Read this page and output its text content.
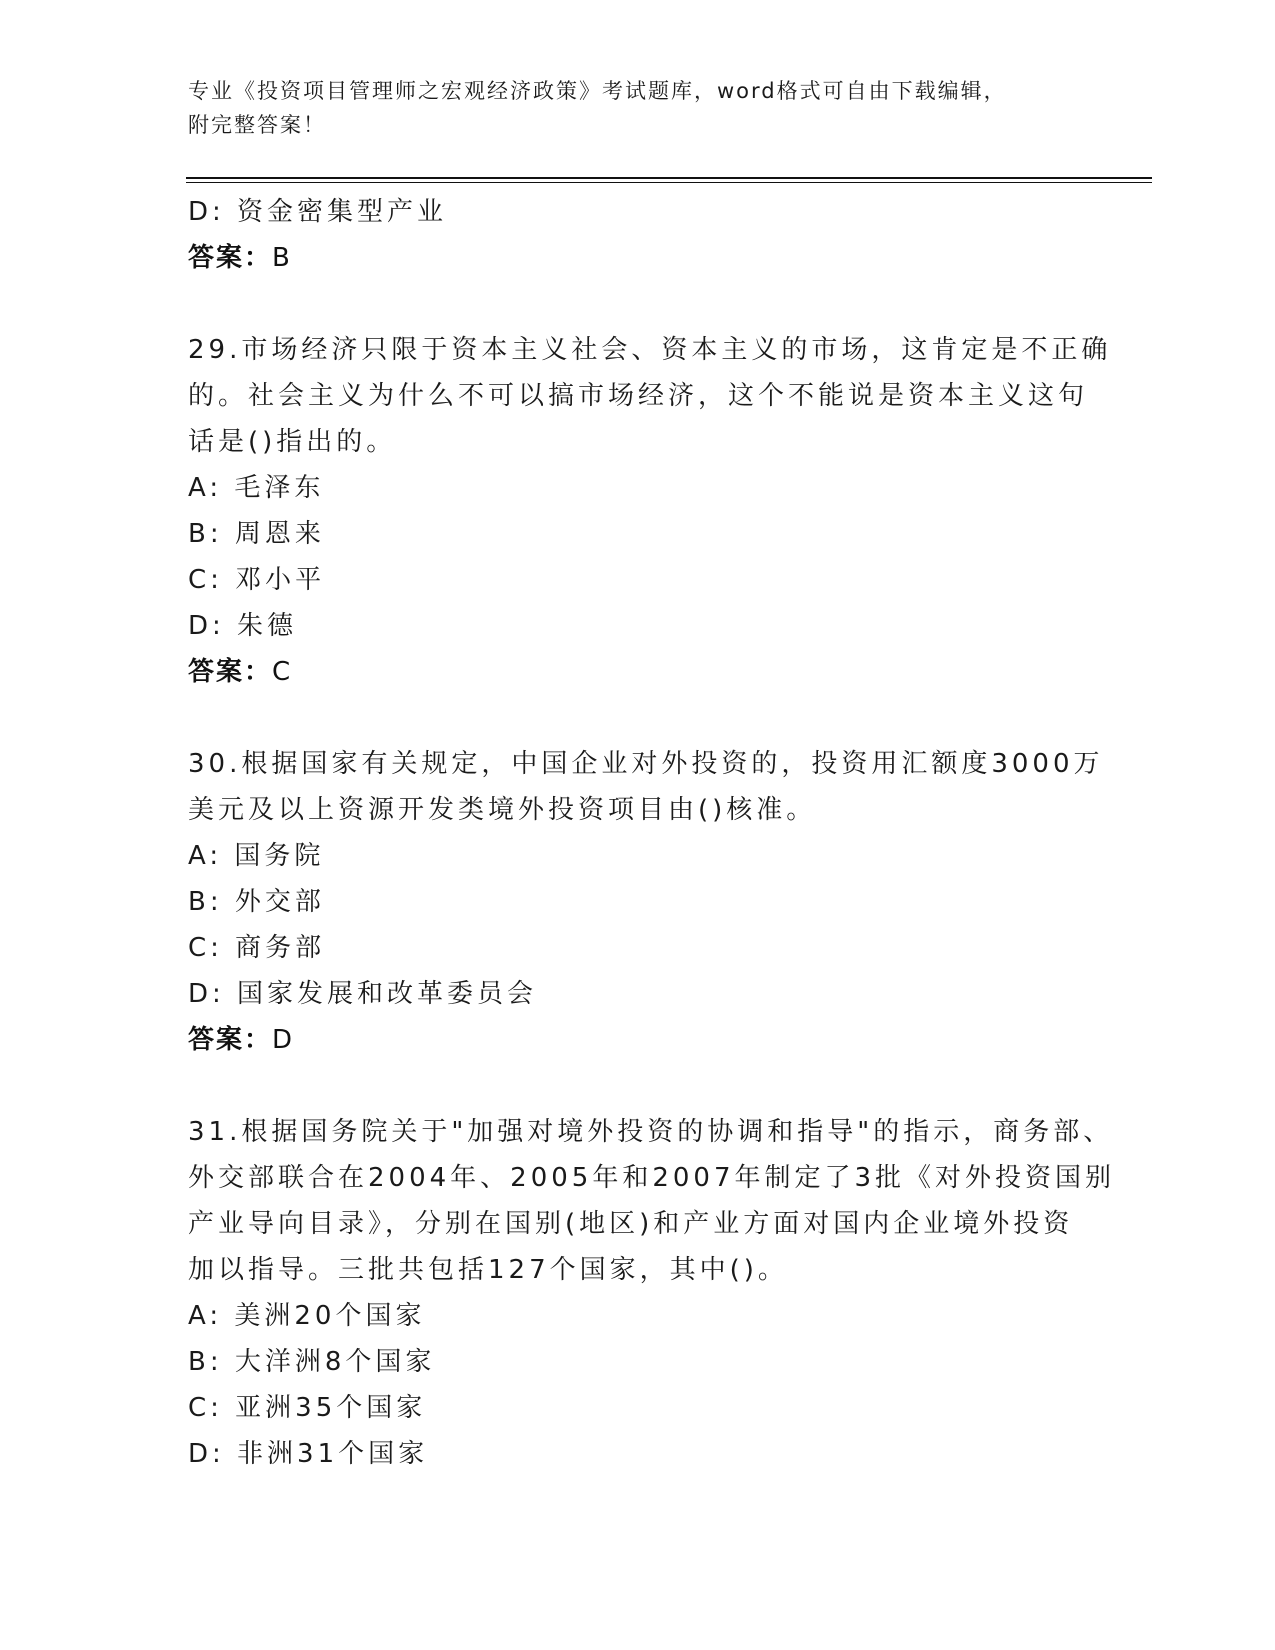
专业《投资项目管理师之宏观经济政策》考试题库，word格式可自由下载编辑，
附完整答案！
D: 资金密集型产业
答案：B
29.市场经济只限于资本主义社会、资本主义的市场，这肯定是不正确
的。社会主义为什么不可以搞市场经济，这个不能说是资本主义这句
话是()指出的。
A: 毛泽东
B: 周恩来
C: 邓小平
D: 朱德
答案：C
30.根据国家有关规定，中国企业对外投资的，投资用汇额度3000万
美元及以上资源开发类境外投资项目由()核准。
A: 国务院
B: 外交部
C: 商务部
D: 国家发展和改革委员会
答案：D
31.根据国务院关于"加强对境外投资的协调和指导"的指示，商务部、
外交部联合在2004年、2005年和2007年制定了3批《对外投资国别
产业导向目录》，分别在国别(地区)和产业方面对国内企业境外投资
加以指导。三批共包括127个国家，其中()。
A: 美洲20个国家
B: 大洋洲8个国家
C: 亚洲35个国家
D: 非洲31个国家
